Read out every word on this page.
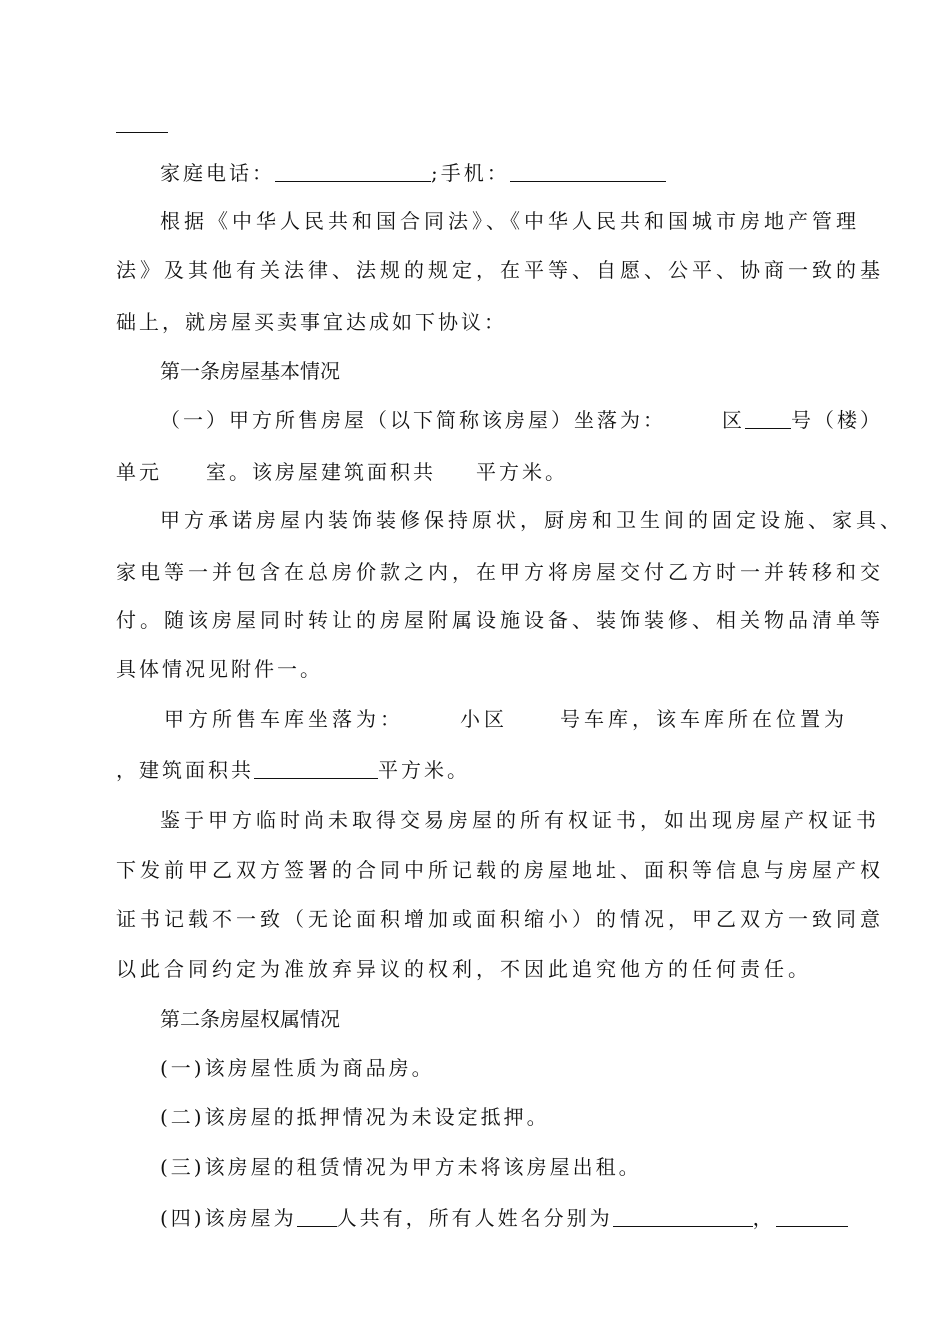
家庭电话：	;手机：
根据《中华人民共和国合同法》、《中华人民共和国城市房地产管理
法》及其他有关法律、法规的规定，在平等、自愿、公平、协商一致的基
础上，就房屋买卖事宜达成如下协议：
第一条房屋基本情况
（一）甲方所售房屋（以下简称该房屋）坐落为：	区 号（楼）
单元 室。该房屋建筑面积共 平方米。
甲方承诺房屋内装饰装修保持原状，厨房和卫生间的固定设施、家具、
家电等一并包含在总房价款之内，在甲方将房屋交付乙方时一并转移和交
付。随该房屋同时转让的房屋附属设施设备、装饰装修、相关物品清单等
具体情况见附件一。
甲方所售车库坐落为：	小区	号车库，该车库所在位置为
，建筑面积共	平方米。
鉴于甲方临时尚未取得交易房屋的所有权证书，如出现房屋产权证书
下发前甲乙双方签署的合同中所记载的房屋地址、面积等信息与房屋产权
证书记载不一致（无论面积增加或面积缩小）的情况，甲乙双方一致同意
以此合同约定为准放弃异议的权利，不因此追究他方的任何责任。
第二条房屋权属情况
(一)该房屋性质为商品房。
(二)该房屋的抵押情况为未设定抵押。
(三)该房屋的租赁情况为甲方未将该房屋出租。
(四)该房屋为 人共有，所有人姓名分别为	，
